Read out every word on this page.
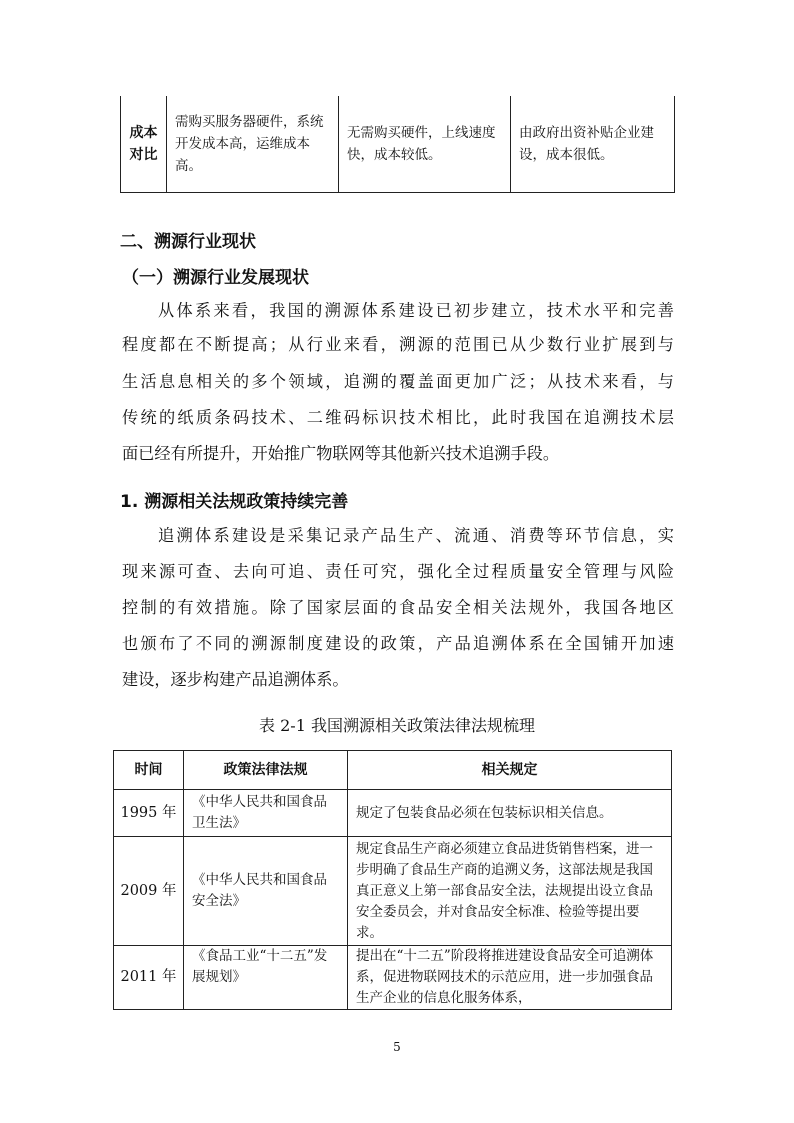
成本对比	需购买服务器硬件，系统开发成本高，运维成本高。	无需购买硬件，上线速度快，成本较低。	由政府出资补贴企业建设，成本很低。
二、溯源行业现状
（一）溯源行业发展现状
从体系来看，我国的溯源体系建设已初步建立，技术水平和完善
程度都在不断提高；从行业来看，溯源的范围已从少数行业扩展到与
生活息息相关的多个领域，追溯的覆盖面更加广泛；从技术来看，与
传统的纸质条码技术、二维码标识技术相比，此时我国在追溯技术层
面已经有所提升，开始推广物联网等其他新兴技术追溯手段。
1. 溯源相关法规政策持续完善
追溯体系建设是采集记录产品生产、流通、消费等环节信息，实
现来源可查、去向可追、责任可究，强化全过程质量安全管理与风险
控制的有效措施。除了国家层面的食品安全相关法规外，我国各地区
也颁布了不同的溯源制度建设的政策，产品追溯体系在全国铺开加速
建设，逐步构建产品追溯体系。
表 2-1 我国溯源相关政策法律法规梳理
时间	政策法律法规	相关规定
1995 年	《中华人民共和国食品卫生法》	规定了包装食品必须在包装标识相关信息。
2009 年	《中华人民共和国食品安全法》	规定食品生产商必须建立食品进货销售档案，进一步明确了食品生产商的追溯义务，这部法规是我国真正意义上第一部食品安全法，法规提出设立食品安全委员会，并对食品安全标准、检验等提出要求。
2011 年	《食品工业“十二五”发展规划》	提出在“十二五”阶段将推进建设食品安全可追溯体系，促进物联网技术的示范应用，进一步加强食品生产企业的信息化服务体系，
5
